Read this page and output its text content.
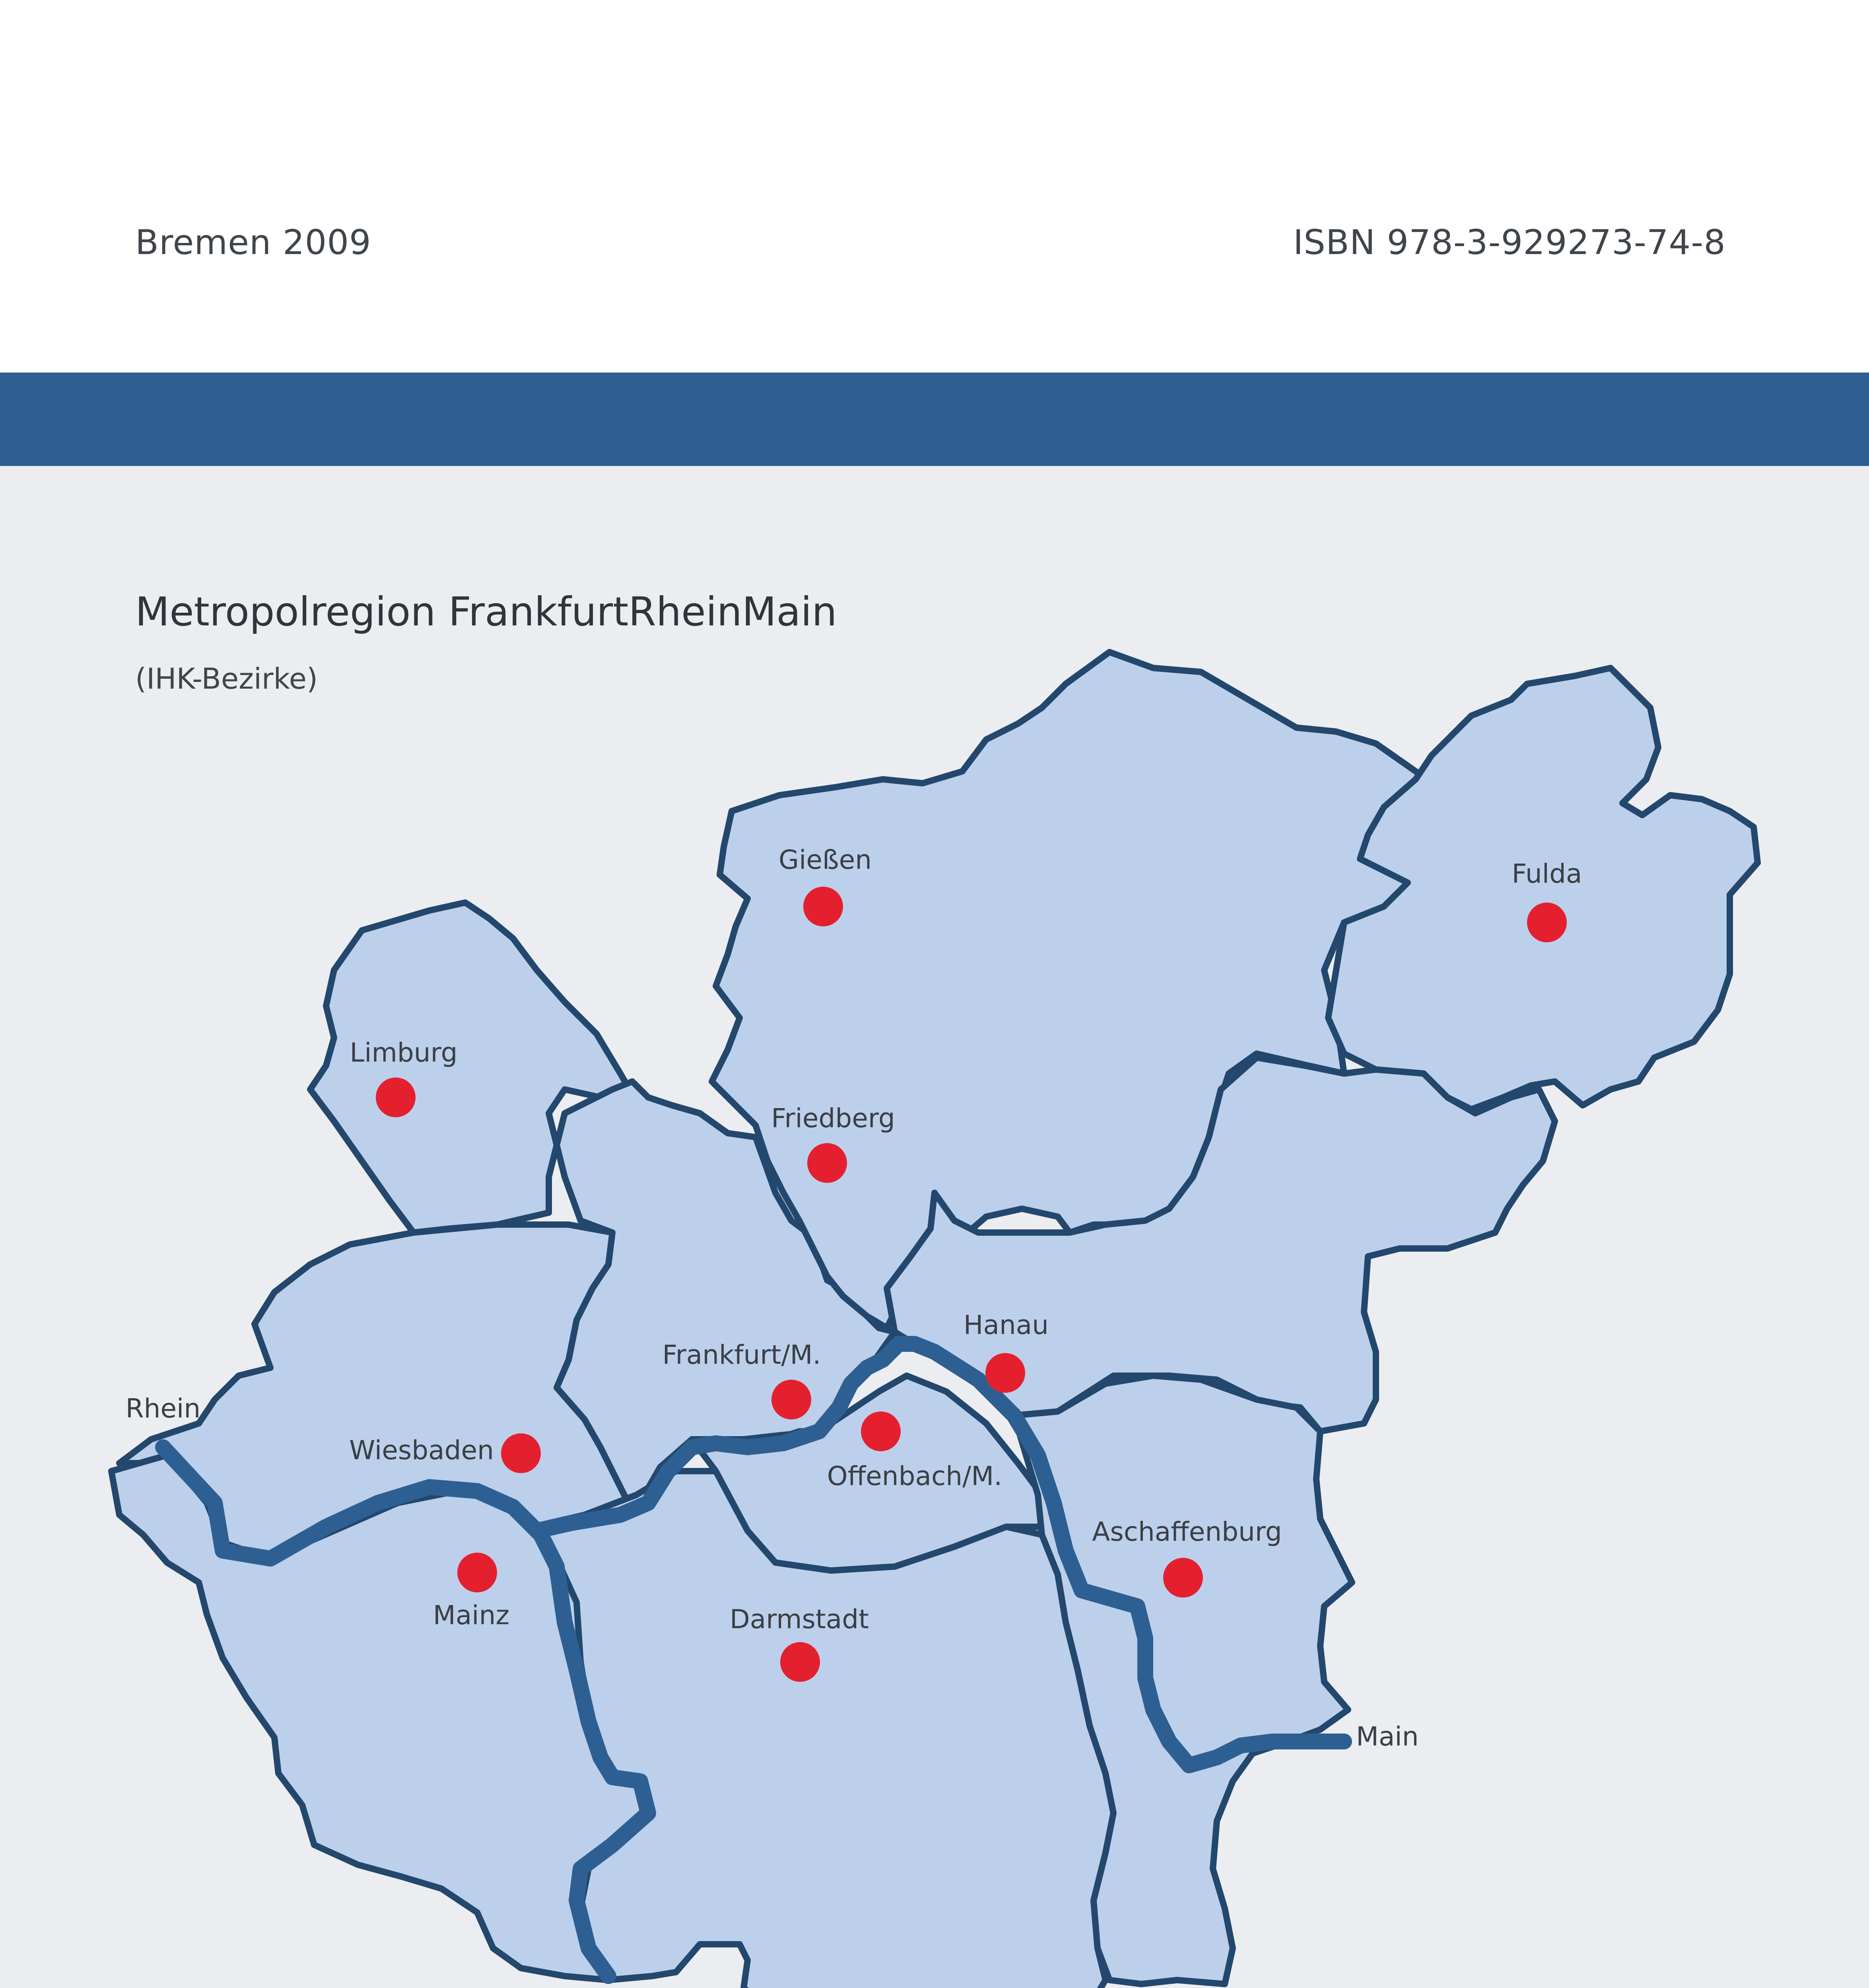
Bremen 2009	ISBN 978-3-929273-74-8
Metropolregion FrankfurtRheinMain
(IHK-Bezirke)
Gießen	Fulda
Limburg
Friedberg
Frankfurt/M.
Hanau
Wiesbaden
Offenbach/M.
Aschaffenburg
Mainz	Darmstadt
Rhein
Main
